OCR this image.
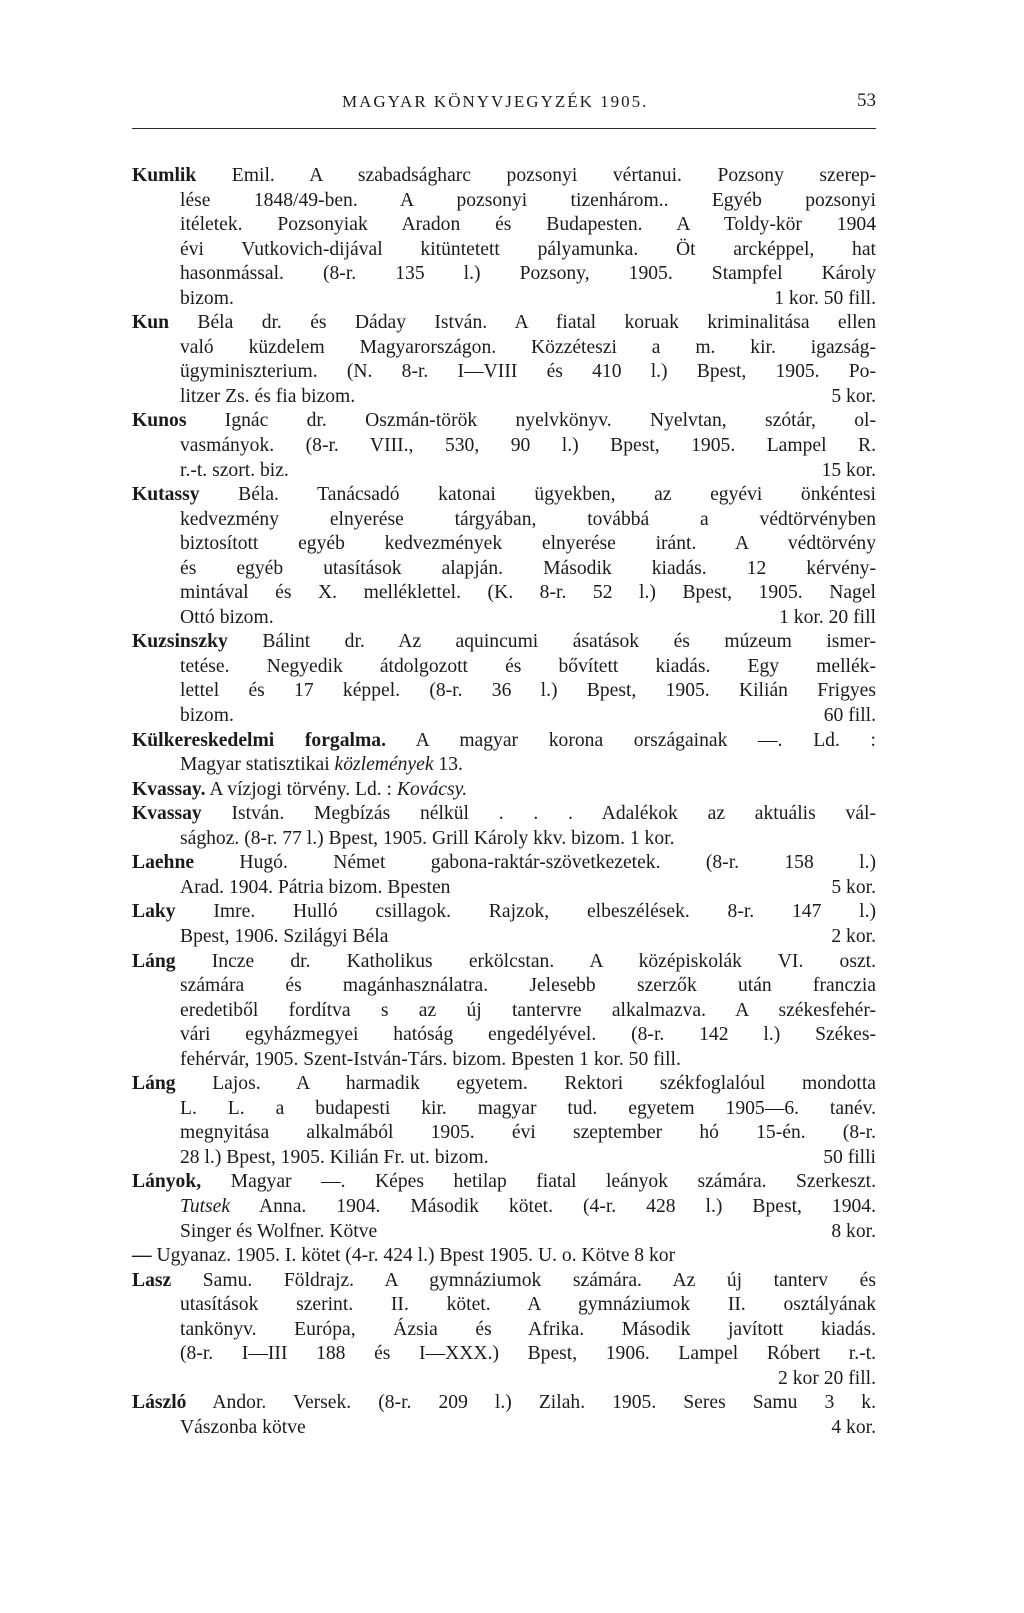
MAGYAR KÖNYVJEGYZÉK 1905.	53
Kumlik Emil. A szabadságharc pozsonyi vértanui. Pozsony szerep-
lése 1848/49-ben. A pozsonyi tizenhárom.. Egyéb pozsonyi
itéletek. Pozsonyiak Aradon és Budapesten. A Toldy-kör 1904
évi Vutkovich-dijával kitüntetett pályamunka. Öt arcképpel, hat
hasonmással. (8-r. 135 l.) Pozsony, 1905. Stampfel Károly
bizom.	1 kor. 50 fill.
Kun Béla dr. és Dáday István. A fiatal koruak kriminalitása ellen
való küzdelem Magyarországon. Közzéteszi a m. kir. igazság-
ügyminiszterium. (N. 8-r. I—VIII és 410 l.) Bpest, 1905. Po-
litzer Zs. és fia bizom.	5 kor.
Kunos Ignác dr. Oszmán-török nyelvkönyv. Nyelvtan, szótár, ol-
vasmányok. (8-r. VIII., 530, 90 l.) Bpest, 1905. Lampel R.
r.-t. szort. biz.	15 kor.
Kutassy Béla. Tanácsadó katonai ügyekben, az egyévi önkéntesi
kedvezmény elnyerése tárgyában, továbbá a védtörvényben
biztosított egyéb kedvezmények elnyerése iránt. A védtörvény
és egyéb utasítások alapján. Második kiadás. 12 kérvény-
mintával és X. melléklettel. (K. 8-r. 52 l.) Bpest, 1905. Nagel
Ottó bizom.	1 kor. 20 fill
Kuzsinszky Bálint dr. Az aquincumi ásatások és múzeum ismer-
tetése. Negyedik átdolgozott és bővített kiadás. Egy mellék-
lettel és 17 képpel. (8-r. 36 l.) Bpest, 1905. Kilián Frigyes
bizom.	60 fill.
Külkereskedelmi forgalma. A magyar korona országainak —. Ld. :
Magyar statisztikai közlemények 13.
Kvassay. A vízjogi törvény. Ld. : Kovácsy.
Kvassay István. Megbízás nélkül . . . Adalékok az aktuális vál-
sághoz. (8-r. 77 l.) Bpest, 1905. Grill Károly kkv. bizom. 1 kor.
Laehne Hugó. Német gabona-raktár-szövetkezetek. (8-r. 158 l.)
Arad. 1904. Pátria bizom. Bpesten	5 kor.
Laky Imre. Hulló csillagok. Rajzok, elbeszélések. 8-r. 147 l.)
Bpest, 1906. Szilágyi Béla	2 kor.
Láng Incze dr. Katholikus erkölcstan. A középiskolák VI. oszt.
számára és magánhasználatra. Jelesebb szerzők után franczia
eredetiből fordítva s az új tantervre alkalmazva. A székesfehér-
vári egyházmegyei hatóság engedélyével. (8-r. 142 l.) Székes-
fehérvár, 1905. Szent-István-Társ. bizom. Bpesten 1 kor. 50 fill.
Láng Lajos. A harmadik egyetem. Rektori székfoglalóul mondotta
L. L. a budapesti kir. magyar tud. egyetem 1905—6. tanév.
megnyitása alkalmából 1905. évi szeptember hó 15-én. (8-r.
28 l.) Bpest, 1905. Kilián Fr. ut. bizom.	50 filli
Lányok, Magyar —. Képes hetilap fiatal leányok számára. Szerkeszt.
Tutsek Anna. 1904. Második kötet. (4-r. 428 l.) Bpest, 1904.
Singer és Wolfner. Kötve	8 kor.
— Ugyanaz. 1905. I. kötet (4-r. 424 l.) Bpest 1905. U. o. Kötve 8 kor
Lasz Samu. Földrajz. A gymnáziumok számára. Az új tanterv és
utasítások szerint. II. kötet. A gymnáziumok II. osztályának
tankönyv. Európa, Ázsia és Afrika. Második javított kiadás.
(8-r. I—III 188 és I—XXX.) Bpest, 1906. Lampel Róbert r.-t.
2 kor 20 fill.
László Andor. Versek. (8-r. 209 l.) Zilah. 1905. Seres Samu 3 k.
Vászonba kötve	4 kor.
